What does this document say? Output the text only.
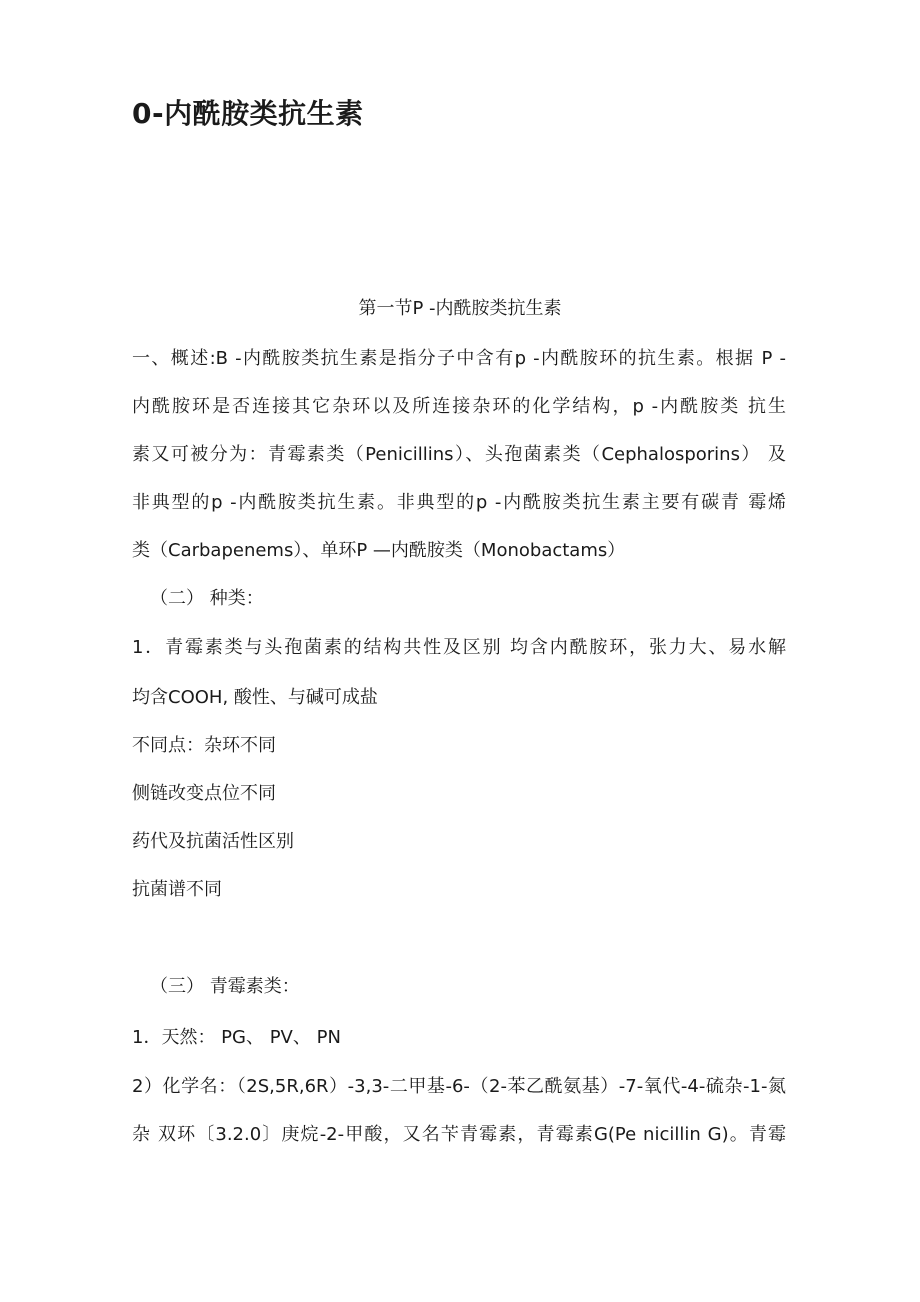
0-内酰胺类抗生素
第一节P -内酰胺类抗生素
一、概述:B -内酰胺类抗生素是指分子中含有p -内酰胺环的抗生素。根据 P -
内酰胺环是否连接其它杂环以及所连接杂环的化学结构，p -内酰胺类 抗生
素又可被分为：青霉素类（Penicillins）、头孢菌素类（Cephalosporins） 及
非典型的p -内酰胺类抗生素。非典型的p -内酰胺类抗生素主要有碳青 霉烯
类（Carbapenems）、单环P —内酰胺类（Monobactams）
（二） 种类：
1．青霉素类与头孢菌素的结构共性及区别 均含内酰胺环，张力大、易水解
均含COOH, 酸性、与碱可成盐
不同点：杂环不同
侧链改变点位不同
药代及抗菌活性区别
抗菌谱不同
（三） 青霉素类：
1．天然： PG、 PV、 PN
2）化学名：（2S,5R,6R）-3,3-二甲基-6-（2-苯乙酰氨基）-7-氧代-4-硫杂-1-氮
杂 双环〔3.2.0〕庚烷-2-甲酸，又名苄青霉素，青霉素G(Pe nicillin G)。青霉
